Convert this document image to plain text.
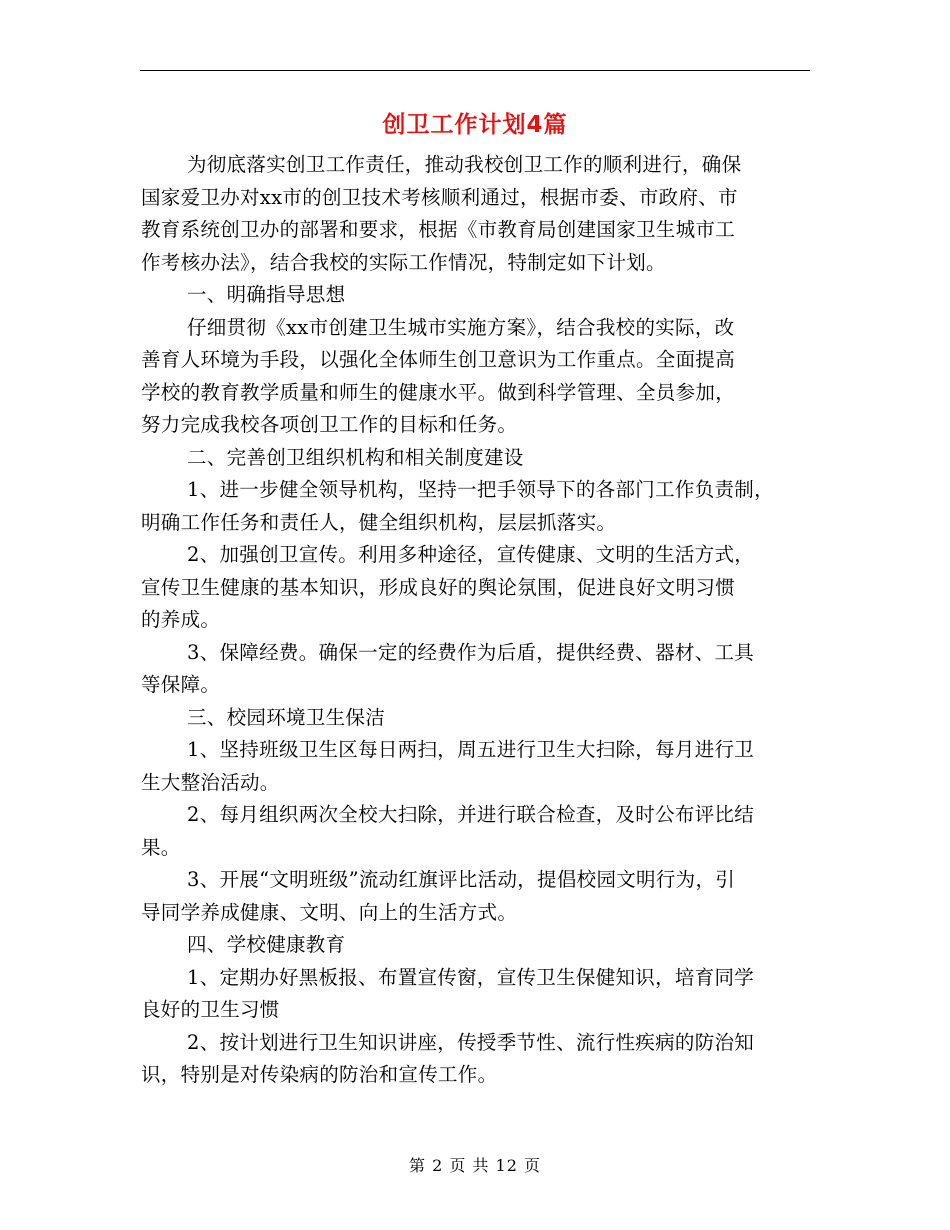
创卫工作计划4篇
为彻底落实创卫工作责任，推动我校创卫工作的顺利进行，确保
国家爱卫办对xx市的创卫技术考核顺利通过，根据市委、市政府、市
教育系统创卫办的部署和要求，根据《市教育局创建国家卫生城市工
作考核办法》，结合我校的实际工作情况，特制定如下计划。
一、明确指导思想
仔细贯彻《xx市创建卫生城市实施方案》，结合我校的实际，改
善育人环境为手段，以强化全体师生创卫意识为工作重点。全面提高
学校的教育教学质量和师生的健康水平。做到科学管理、全员参加，
努力完成我校各项创卫工作的目标和任务。
二、完善创卫组织机构和相关制度建设
1、进一步健全领导机构，坚持一把手领导下的各部门工作负责制，
明确工作任务和责任人，健全组织机构，层层抓落实。
2、加强创卫宣传。利用多种途径，宣传健康、文明的生活方式，
宣传卫生健康的基本知识，形成良好的舆论氛围，促进良好文明习惯
的养成。
3、保障经费。确保一定的经费作为后盾，提供经费、器材、工具
等保障。
三、校园环境卫生保洁
1、坚持班级卫生区每日两扫，周五进行卫生大扫除，每月进行卫
生大整治活动。
2、每月组织两次全校大扫除，并进行联合检查，及时公布评比结
果。
3、开展“文明班级”流动红旗评比活动，提倡校园文明行为，引
导同学养成健康、文明、向上的生活方式。
四、学校健康教育
1、定期办好黑板报、布置宣传窗，宣传卫生保健知识，培育同学
良好的卫生习惯
2、按计划进行卫生知识讲座，传授季节性、流行性疾病的防治知
识，特别是对传染病的防治和宣传工作。
第 2 页 共 12 页
